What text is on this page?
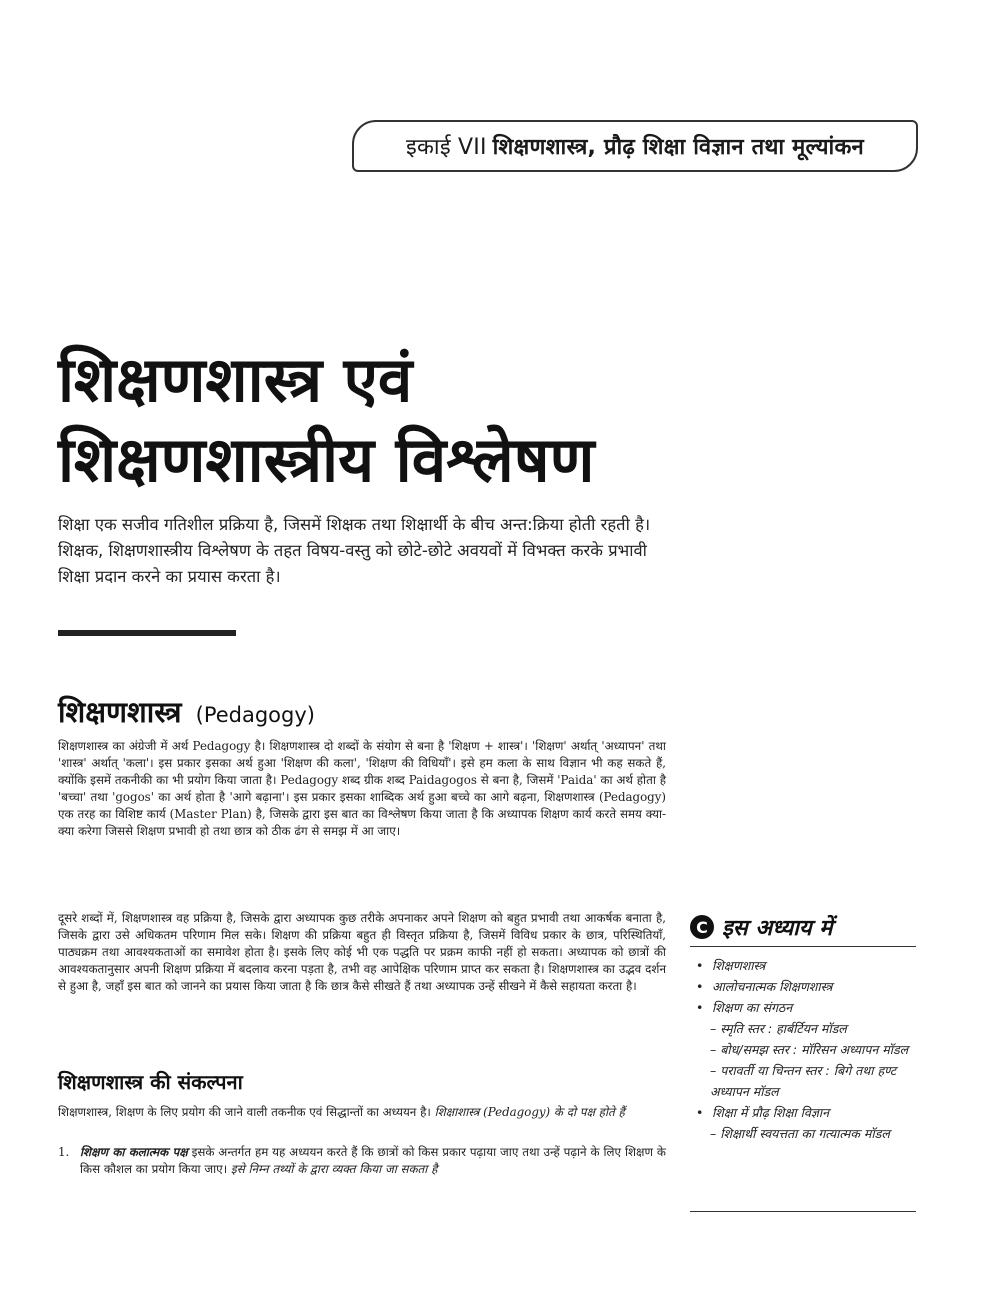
इकाई VII शिक्षणशास्त्र, प्रौढ़ शिक्षा विज्ञान तथा मूल्यांकन
शिक्षणशास्त्र एवं
शिक्षणशास्त्रीय विश्लेषण
शिक्षा एक सजीव गतिशील प्रक्रिया है, जिसमें शिक्षक तथा शिक्षार्थी के बीच अन्त:क्रिया होती रहती है। शिक्षक, शिक्षणशास्त्रीय विश्लेषण के तहत विषय-वस्तु को छोटे-छोटे अवयवों में विभक्त करके प्रभावी शिक्षा प्रदान करने का प्रयास करता है।
शिक्षणशास्त्र (Pedagogy)
शिक्षणशास्त्र का अंग्रेजी में अर्थ Pedagogy है। शिक्षणशास्त्र दो शब्दों के संयोग से बना है 'शिक्षण + शास्त्र'। 'शिक्षण' अर्थात् 'अध्यापन' तथा 'शास्त्र' अर्थात् 'कला'। इस प्रकार इसका अर्थ हुआ 'शिक्षण की कला', 'शिक्षण की विधियाँ'। इसे हम कला के साथ विज्ञान भी कह सकते हैं, क्योंकि इसमें तकनीकी का भी प्रयोग किया जाता है। Pedagogy शब्द ग्रीक शब्द Paidagogos से बना है, जिसमें 'Paida' का अर्थ होता है 'बच्चा' तथा 'gogos' का अर्थ होता है 'आगे बढ़ाना'। इस प्रकार इसका शाब्दिक अर्थ हुआ बच्चे का आगे बढ़ना, शिक्षणशास्त्र (Pedagogy) एक तरह का विशिष्ट कार्य (Master Plan) है, जिसके द्वारा इस बात का विश्लेषण किया जाता है कि अध्यापक शिक्षण कार्य करते समय क्या-क्या करेगा जिससे शिक्षण प्रभावी हो तथा छात्र को ठीक ढंग से समझ में आ जाए।
दूसरे शब्दों में, शिक्षणशास्त्र वह प्रक्रिया है, जिसके द्वारा अध्यापक कुछ तरीके अपनाकर अपने शिक्षण को बहुत प्रभावी तथा आकर्षक बनाता है, जिसके द्वारा उसे अधिकतम परिणाम मिल सके। शिक्षण की प्रक्रिया बहुत ही विस्तृत प्रक्रिया है, जिसमें विविध प्रकार के छात्र, परिस्थितियाँ, पाठ्यक्रम तथा आवश्यकताओं का समावेश होता है। इसके लिए कोई भी एक पद्धति पर प्रक्रम काफी नहीं हो सकता। अध्यापक को छात्रों की आवश्यकतानुसार अपनी शिक्षण प्रक्रिया में बदलाव करना पड़ता है, तभी वह आपेक्षिक परिणाम प्राप्त कर सकता है। शिक्षणशास्त्र का उद्भव दर्शन से हुआ है, जहाँ इस बात को जानने का प्रयास किया जाता है कि छात्र कैसे सीखते हैं तथा अध्यापक उन्हें सीखने में कैसे सहायता करता है।
शिक्षणशास्त्र की संकल्पना
शिक्षणशास्त्र, शिक्षण के लिए प्रयोग की जाने वाली तकनीक एवं सिद्धान्तों का अध्ययन है। शिक्षाशास्त्र (Pedagogy) के दो पक्ष होते हैं
1. शिक्षण का कलात्मक पक्ष इसके अन्तर्गत हम यह अध्ययन करते हैं कि छात्रों को किस प्रकार पढ़ाया जाए तथा उन्हें पढ़ाने के लिए शिक्षण के किस कौशल का प्रयोग किया जाए। इसे निम्न तथ्यों के द्वारा व्यक्त किया जा सकता है
C इस अध्याय में
• शिक्षणशास्त्र
• आलोचनात्मक शिक्षणशास्त्र
• शिक्षण का संगठन
– स्मृति स्तर : हार्बर्टियन मॉडल
– बोध/समझ स्तर : मॉरिसन अध्यापन मॉडल
– परावर्ती या चिन्तन स्तर : बिगे तथा हण्ट अध्यापन मॉडल
• शिक्षा में प्रौढ़ शिक्षा विज्ञान
– शिक्षार्थी स्वयत्तता का गत्यात्मक मॉडल
